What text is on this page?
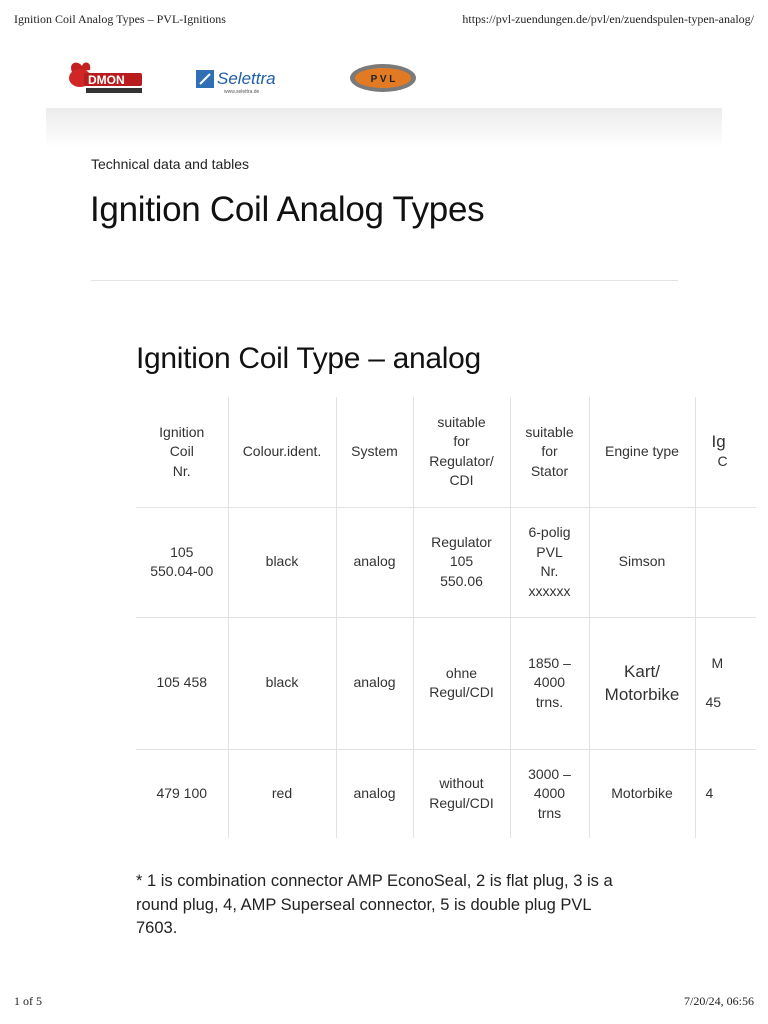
Ignition Coil Analog Types – PVL-Ignitions	https://pvl-zuendungen.de/pvl/en/zuendspulen-typen-analog/
DMON	Selettra
www.selettra.de
P V L
Technical data and tables
Ignition Coil Analog Types
Ignition Coil Type – analog
Ignition
Coil
Nr.	Colour.ident.	System	suitable
for
Regulator/
CDI	suitable
for
Stator	Engine type	Ig
C
105
550.04-00	black	analog	Regulator
105
550.06	6-polig
PVL
Nr.
xxxxxx	Simson	
105 458	black	analog	ohne
Regul/CDI	1850 –
4000
trns.	Kart/
Motorbike	M

45
479 100	red	analog	without
Regul/CDI	3000 –
4000
trns	Motorbike	4

* 1 is combination connector AMP EconoSeal, 2 is flat plug, 3 is a round plug, 4, AMP Superseal connector, 5 is double plug PVL 7603.

1 of 5	7/20/24, 06:56
